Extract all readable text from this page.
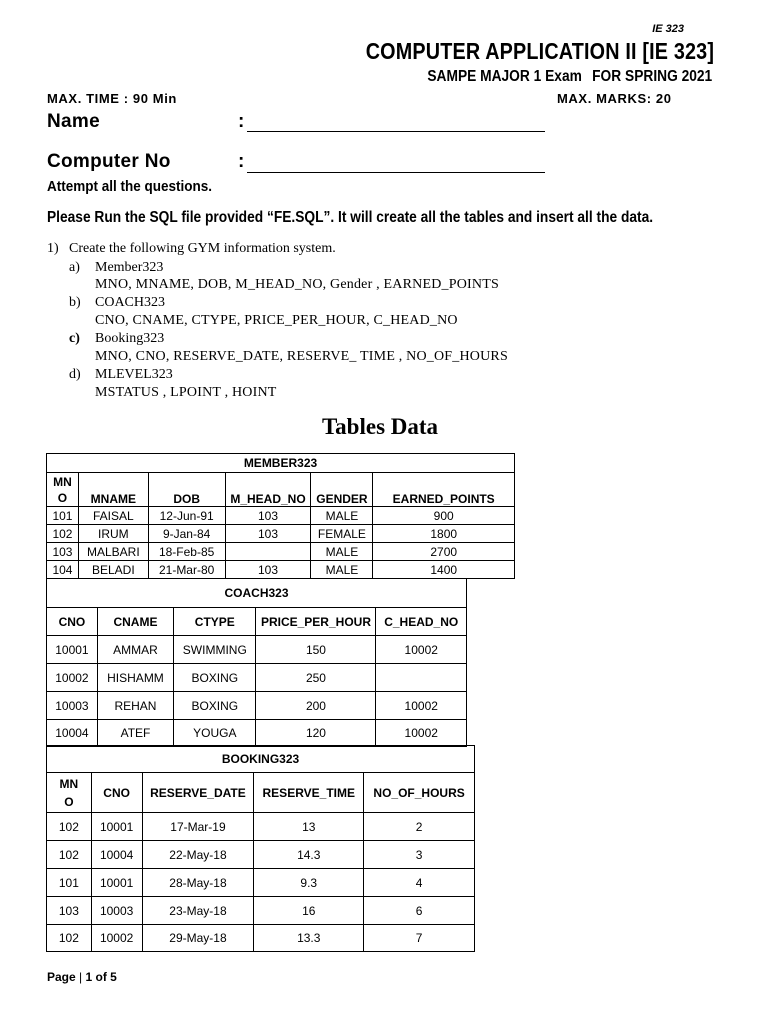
IE 323
COMPUTER APPLICATION II [IE 323]
SAMPE MAJOR 1 Exam FOR SPRING 2021
MAX. TIME : 90 Min	MAX. MARKS: 20
Name	:
Computer No	:
Attempt all the questions.
Please Run the SQL file provided “FE.SQL”. It will create all the tables and insert all the data.
1) Create the following GYM information system.
a) Member323
MNO, MNAME, DOB, M_HEAD_NO, Gender , EARNED_POINTS
b) COACH323
CNO, CNAME, CTYPE, PRICE_PER_HOUR, C_HEAD_NO
c) Booking323
MNO, CNO, RESERVE_DATE, RESERVE_ TIME , NO_OF_HOURS
d) MLEVEL323
MSTATUS , LPOINT , HOINT
Tables Data
MEMBER323					
MN
O	MNAME	DOB	M_HEAD_NO	GENDER	EARNED_POINTS
101	FAISAL	12-Jun-91	103	MALE	900
102	IRUM	9-Jan-84	103	FEMALE	1800
103	MALBARI	18-Feb-85		MALE	2700
104	BELADI	21-Mar-80	103	MALE	1400
COACH323				
CNO	CNAME	CTYPE	PRICE_PER_HOUR	C_HEAD_NO
10001	AMMAR	SWIMMING	150	10002
10002	HISHAMM	BOXING	250	
10003	REHAN	BOXING	200	10002
10004	ATEF	YOUGA	120	10002
BOOKING323				
MN
O	CNO	RESERVE_DATE	RESERVE_TIME	NO_OF_HOURS
102	10001	17-Mar-19	13	2
102	10004	22-May-18	14.3	3
101	10001	28-May-18	9.3	4
103	10003	23-May-18	16	6
102	10002	29-May-18	13.3	7
Page | 1 of 5
